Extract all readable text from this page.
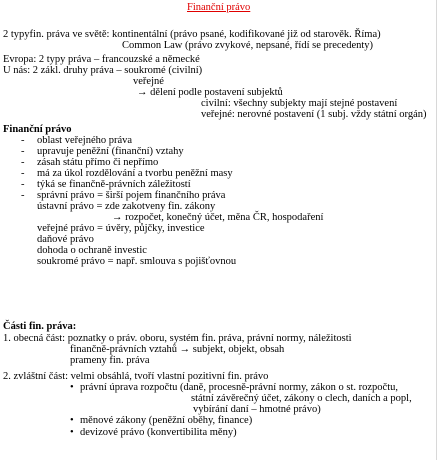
Finanční právo
2 typyfin. práva ve světě: kontinentální (právo psané, kodifikované již od starověk. Říma)
Common Law (právo zvykové, nepsané, řídí se precedenty)
Evropa: 2 typy práva – francouzské a německé
U nás: 2 zákl. druhy práva – soukromé (civilní)
veřejné
→ dělení podle postavení subjektů
civilní: všechny subjekty mají stejné postavení
veřejné: nerovné postavení (1 subj. vždy státní orgán)
Finanční právo
- oblast veřejného práva
- upravuje peněžní (finanční) vztahy
- zásah státu přímo či nepřímo
- má za úkol rozdělování a tvorbu peněžní masy
- týká se finančně-právních záležitostí
- správní právo = širší pojem finančního práva
ústavní právo = zde zakotveny fin. zákony
→ rozpočet, konečný účet, měna ČR, hospodaření
veřejné právo = úvěry, půjčky, investice
daňové právo
dohoda o ochraně investic
soukromé právo = např. smlouva s pojišťovnou
Části fin. práva:
1. obecná část: poznatky o práv. oboru, systém fin. práva, právní normy, náležitosti
finančně-právních vztahů → subjekt, objekt, obsah
prameny fin. práva
2. zvláštní část: velmi obsáhlá, tvoří vlastní pozitivní fin. právo
• právní úprava rozpočtu (daně, procesně-právní normy, zákon o st. rozpočtu,
státní závěrečný účet, zákony o clech, daních a popl,
vybírání daní – hmotné právo)
• měnové zákony (peněžní oběhy, finance)
• devizové právo (konvertibilita měny)
